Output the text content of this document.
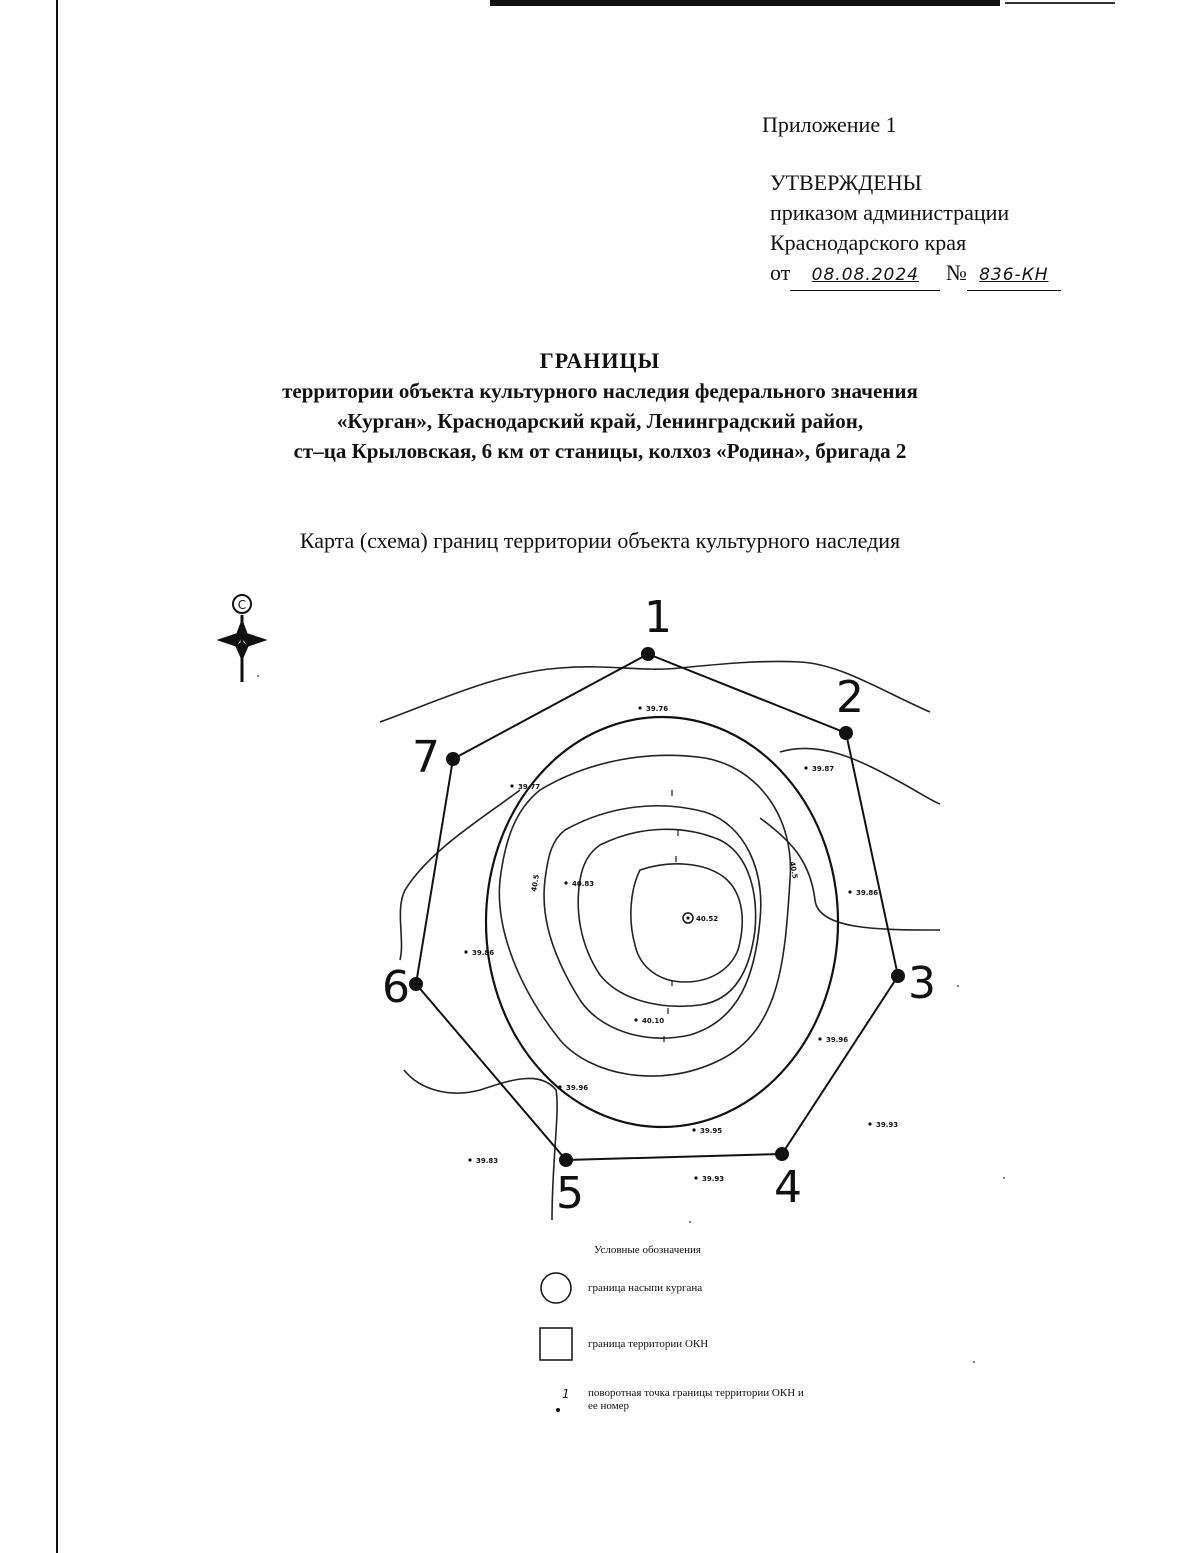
Приложение 1
УТВЕРЖДЕНЫ
приказом администрации
Краснодарского края
от 08.08.2024 № 836-КН
ГРАНИЦЫ
территории объекта культурного наследия федерального значения
«Курган», Краснодарский край, Ленинградский район,
ст–ца Крыловская, 6 км от станицы, колхоз «Родина», бригада 2
Карта (схема) границ территории объекта культурного наследия
С	1
2
3
4
5
6
7
39.76
39.87
39.77
39.86
40.83
40.52
39.86
39.96
40.10
39.96
39.95
39.93
39.83
39.93
40.5
40.5
Условные обозначения
граница насыпи кургана
граница территории ОКН
1 поворотная точка границы территории ОКН и ее номер
